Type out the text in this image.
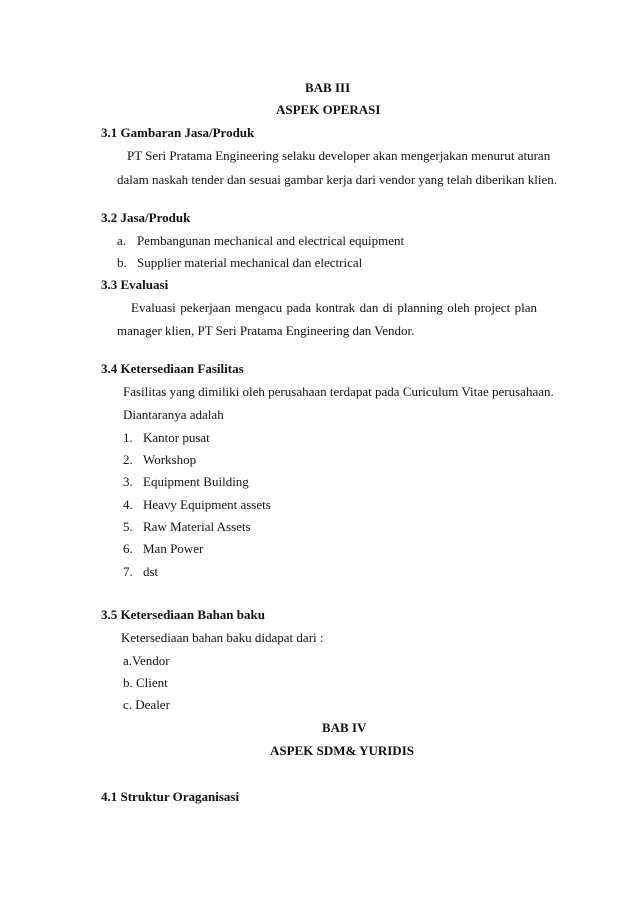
BAB III
ASPEK OPERASI
3.1 Gambaran Jasa/Produk
PT Seri Pratama Engineering selaku developer akan mengerjakan menurut aturan
dalam naskah tender dan sesuai gambar kerja dari vendor yang telah diberikan klien.
3.2 Jasa/Produk
a. Pembangunan mechanical and electrical equipment
b. Supplier material mechanical dan electrical
3.3 Evaluasi
Evaluasi pekerjaan mengacu pada kontrak dan di planning oleh project plan
manager klien, PT Seri Pratama Engineering dan Vendor.
3.4 Ketersediaan Fasilitas
Fasilitas yang dimiliki oleh perusahaan terdapat pada Curiculum Vitae perusahaan.
Diantaranya adalah
1. Kantor pusat
2. Workshop
3. Equipment Building
4. Heavy Equipment assets
5. Raw Material Assets
6. Man Power
7. dst
3.5 Ketersediaan Bahan baku
Ketersediaan bahan baku didapat dari :
a.Vendor
b. Client
c. Dealer
BAB IV
ASPEK SDM& YURIDIS
4.1 Struktur Oraganisasi
